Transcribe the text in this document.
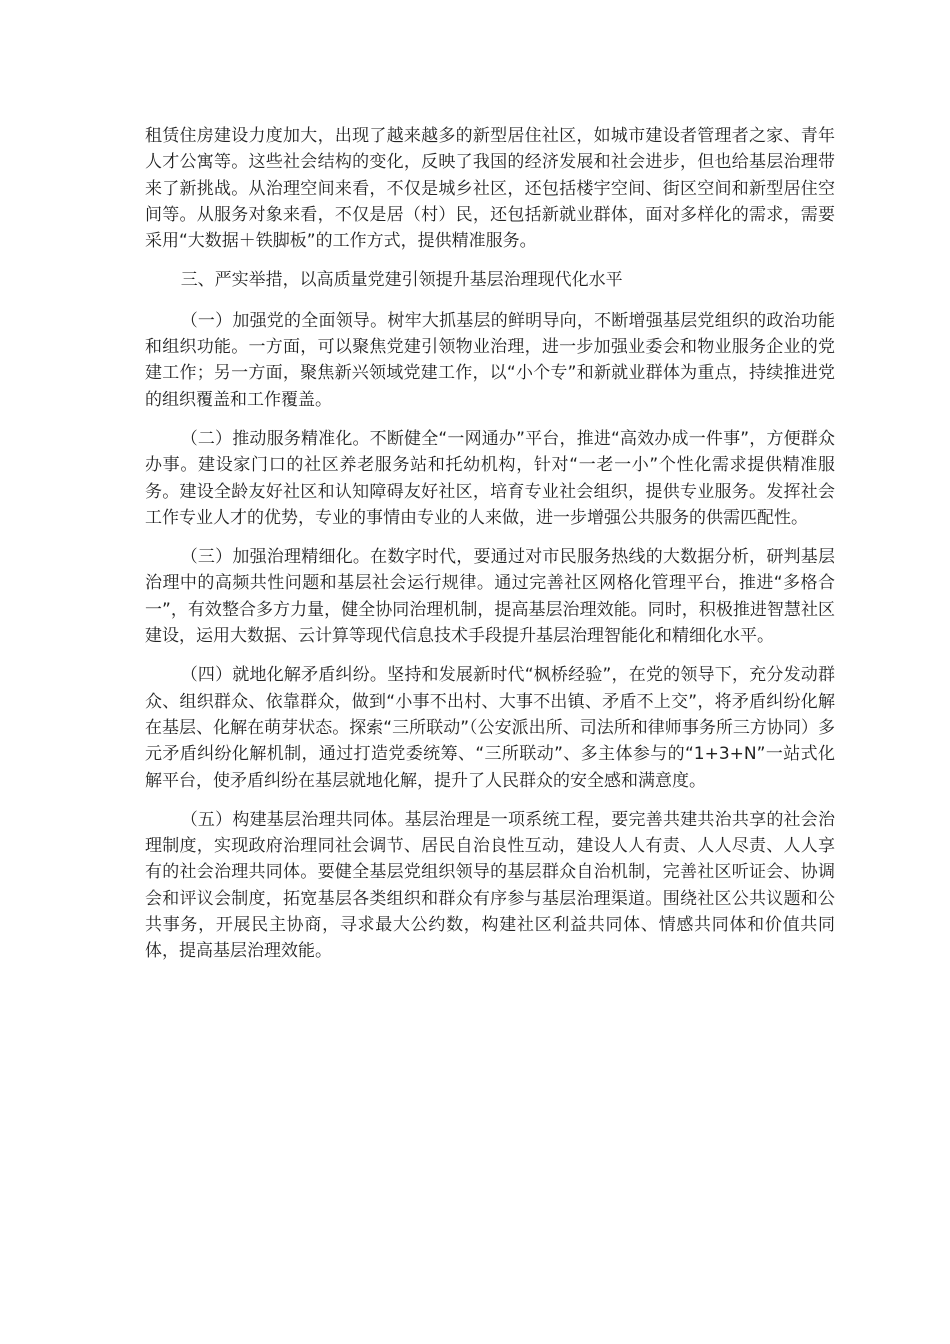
租赁住房建设力度加大，出现了越来越多的新型居住社区，如城市建设者管理者之家、青年人才公寓等。这些社会结构的变化，反映了我国的经济发展和社会进步，但也给基层治理带来了新挑战。从治理空间来看，不仅是城乡社区，还包括楼宇空间、街区空间和新型居住空间等。从服务对象来看，不仅是居（村）民，还包括新就业群体，面对多样化的需求，需要采用“大数据＋铁脚板”的工作方式，提供精准服务。

三、严实举措，以高质量党建引领提升基层治理现代化水平

（一）加强党的全面领导。树牢大抓基层的鲜明导向，不断增强基层党组织的政治功能和组织功能。一方面，可以聚焦党建引领物业治理，进一步加强业委会和物业服务企业的党建工作；另一方面，聚焦新兴领域党建工作，以“小个专”和新就业群体为重点，持续推进党的组织覆盖和工作覆盖。

（二）推动服务精准化。不断健全“一网通办”平台，推进“高效办成一件事”，方便群众办事。建设家门口的社区养老服务站和托幼机构，针对“一老一小”个性化需求提供精准服务。建设全龄友好社区和认知障碍友好社区，培育专业社会组织，提供专业服务。发挥社会工作专业人才的优势，专业的事情由专业的人来做，进一步增强公共服务的供需匹配性。

（三）加强治理精细化。在数字时代，要通过对市民服务热线的大数据分析，研判基层治理中的高频共性问题和基层社会运行规律。通过完善社区网格化管理平台，推进“多格合一”，有效整合多方力量，健全协同治理机制，提高基层治理效能。同时，积极推进智慧社区建设，运用大数据、云计算等现代信息技术手段提升基层治理智能化和精细化水平。

（四）就地化解矛盾纠纷。坚持和发展新时代“枫桥经验”，在党的领导下，充分发动群众、组织群众、依靠群众，做到“小事不出村、大事不出镇、矛盾不上交”，将矛盾纠纷化解在基层、化解在萌芽状态。探索“三所联动”（公安派出所、司法所和律师事务所三方协同）多元矛盾纠纷化解机制，通过打造党委统筹、“三所联动”、多主体参与的“1+3+N”一站式化解平台，使矛盾纠纷在基层就地化解，提升了人民群众的安全感和满意度。

（五）构建基层治理共同体。基层治理是一项系统工程，要完善共建共治共享的社会治理制度，实现政府治理同社会调节、居民自治良性互动，建设人人有责、人人尽责、人人享有的社会治理共同体。要健全基层党组织领导的基层群众自治机制，完善社区听证会、协调会和评议会制度，拓宽基层各类组织和群众有序参与基层治理渠道。围绕社区公共议题和公共事务，开展民主协商，寻求最大公约数，构建社区利益共同体、情感共同体和价值共同体，提高基层治理效能。
